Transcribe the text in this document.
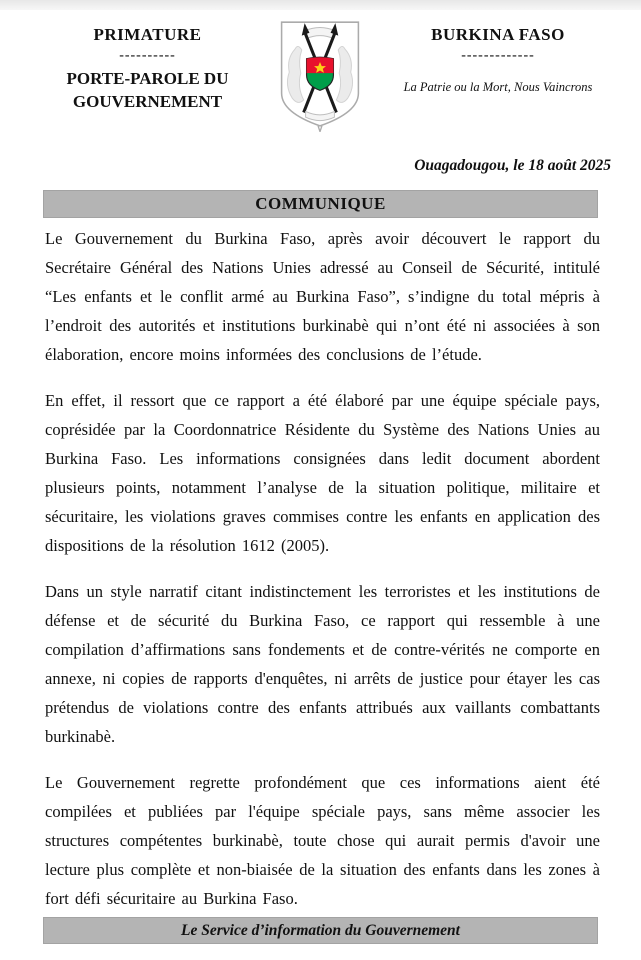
PRIMATURE
----------
PORTE-PAROLE DU GOUVERNEMENT
BURKINA FASO
-------------
La Patrie ou la Mort, Nous Vaincrons
Ouagadougou, le 18 août 2025
COMMUNIQUE

Le Gouvernement du Burkina Faso, après avoir découvert le rapport du Secrétaire Général des Nations Unies adressé au Conseil de Sécurité, intitulé “Les enfants et le conflit armé au Burkina Faso”, s’indigne du total mépris à l’endroit des autorités et institutions burkinabè qui n’ont été ni associées à son élaboration, encore moins informées des conclusions de l’étude.

En effet, il ressort que ce rapport a été élaboré par une équipe spéciale pays, coprésidée par la Coordonnatrice Résidente du Système des Nations Unies au Burkina Faso. Les informations consignées dans ledit document abordent plusieurs points, notamment l’analyse de la situation politique, militaire et sécuritaire, les violations graves commises contre les enfants en application des dispositions de la résolution 1612 (2005).

Dans un style narratif citant indistinctement les terroristes et les institutions de défense et de sécurité du Burkina Faso, ce rapport qui ressemble à une compilation d’affirmations sans fondements et de contre-vérités ne comporte en annexe, ni copies de rapports d'enquêtes, ni arrêts de justice pour étayer les cas prétendus de violations contre des enfants attribués aux vaillants combattants burkinabè.

Le Gouvernement regrette profondément que ces informations aient été compilées et publiées par l'équipe spéciale pays, sans même associer les structures compétentes burkinabè, toute chose qui aurait permis d'avoir une lecture plus complète et non-biaisée de la situation des enfants dans les zones à fort défi sécuritaire au Burkina Faso.

Le Service d’information du Gouvernement
